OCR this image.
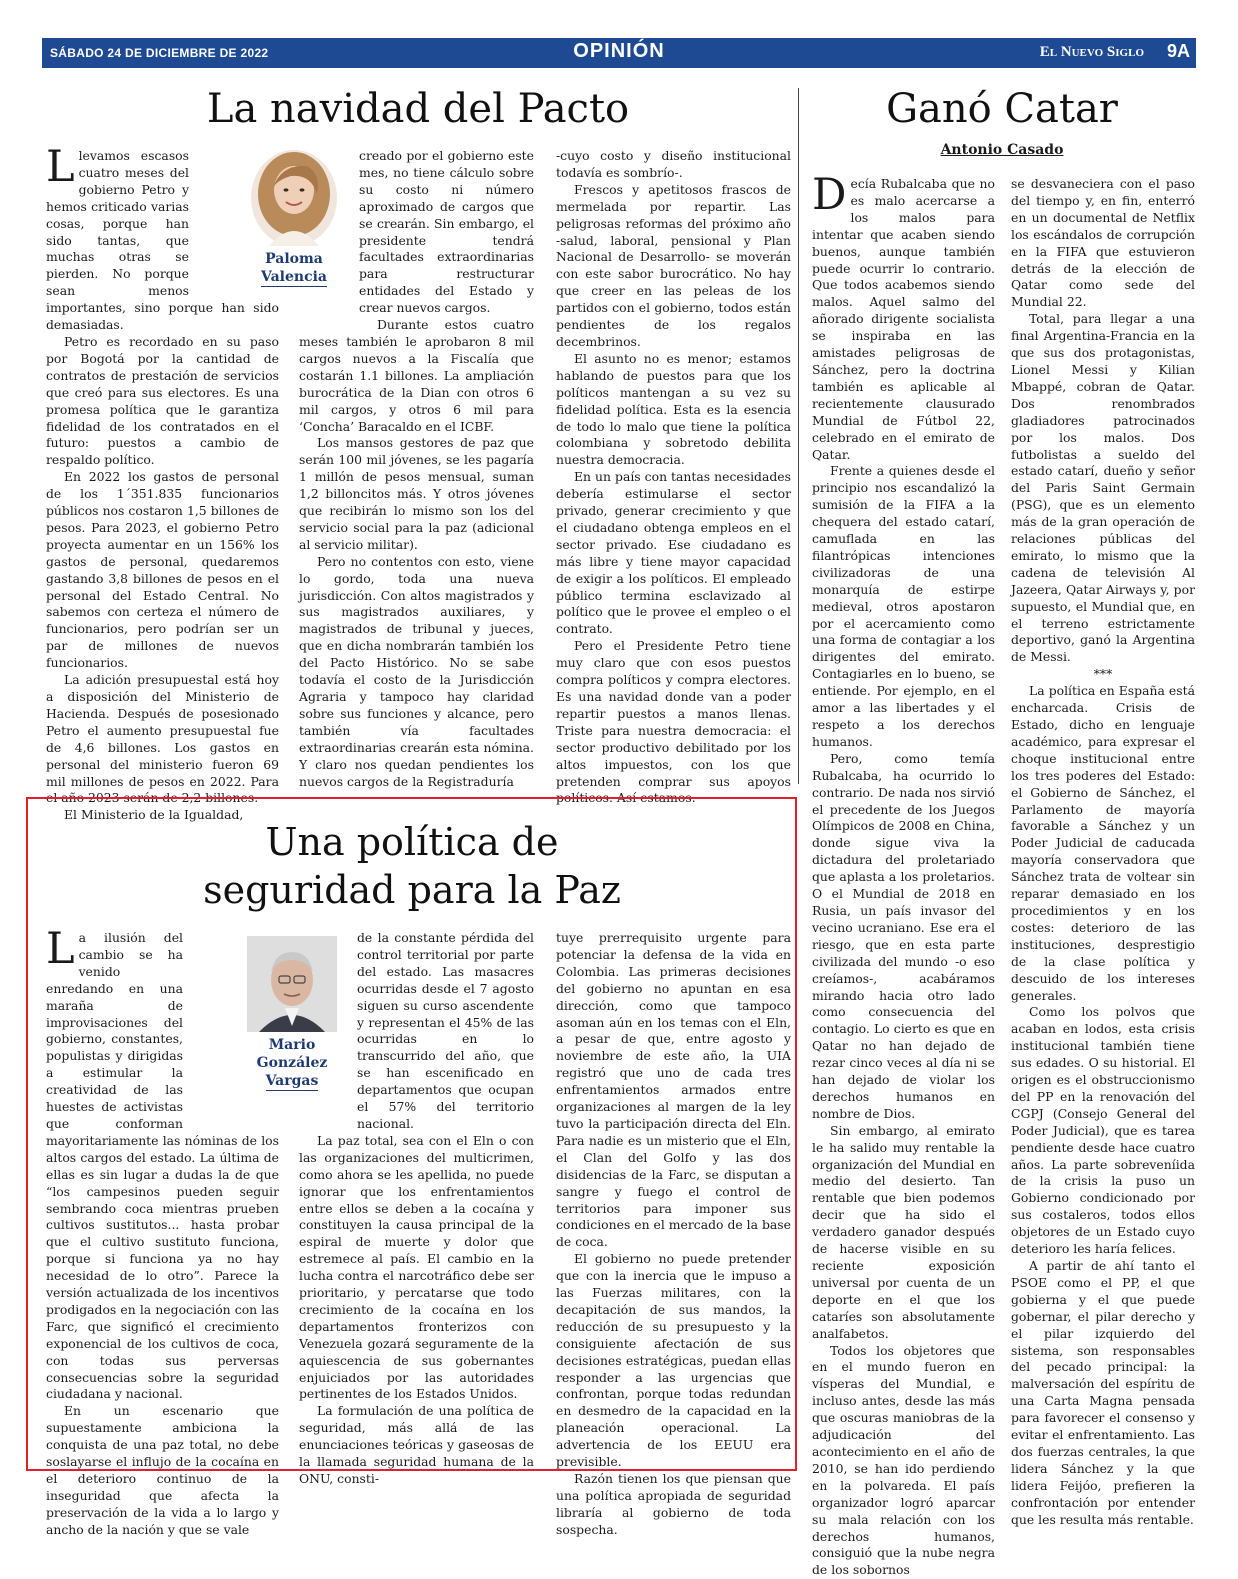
SÁBADO 24 DE DICIEMBRE DE 2022	OPINIÓN	El Nuevo Siglo 9A
La navidad del Pacto

Llevamos escasos cuatro meses del gobierno Petro y hemos criticado varias cosas, porque han sido tantas, que muchas otras se pierden. No porque sean menos importantes, sino porque han sido demasiadas.

Petro es recordado en su paso por Bogotá por la cantidad de contratos de prestación de servicios que creó para sus electores. Es una promesa política que le garantiza fidelidad de los contratados en el futuro: puestos a cambio de respaldo político.

En 2022 los gastos de personal de los 1´351.835 funcionarios públicos nos costaron 1,5 billones de pesos. Para 2023, el gobierno Petro proyecta aumentar en un 156% los gastos de personal, quedaremos gastando 3,8 billones de pesos en el personal del Estado Central. No sabemos con certeza el número de funcionarios, pero podrían ser un par de millones de nuevos funcionarios.

La adición presupuestal está hoy a disposición del Ministerio de Hacienda. Después de posesionado Petro el aumento presupuestal fue de 4,6 billones. Los gastos en personal del ministerio fueron 69 mil millones de pesos en 2022. Para el año 2023 serán de 2,2 billones.

El Ministerio de la Igualdad,

Paloma
Valencia

creado por el gobierno este mes, no tiene cálculo sobre su costo ni número aproximado de cargos que se crearán. Sin embargo, el presidente tendrá facultades extraordinarias para restructurar entidades del Estado y crear nuevos cargos.

Durante estos cuatro meses también le aprobaron 8 mil cargos nuevos a la Fiscalía que costarán 1.1 billones. La ampliación burocrática de la Dian con otros 6 mil cargos, y otros 6 mil para ‘Concha’ Baracaldo en el ICBF.

Los mansos gestores de paz que serán 100 mil jóvenes, se les pagaría 1 millón de pesos mensual, suman 1,2 billoncitos más. Y otros jóvenes que recibirán lo mismo son los del servicio social para la paz (adicional al servicio militar).

Pero no contentos con esto, viene lo gordo, toda una nueva jurisdicción. Con altos magistrados y sus magistrados auxiliares, y magistrados de tribunal y jueces, que en dicha nombrarán también los del Pacto Histórico. No se sabe todavía el costo de la Jurisdicción Agraria y tampoco hay claridad sobre sus funciones y alcance, pero también vía facultades extraordinarias crearán esta nómina. Y claro nos quedan pendientes los nuevos cargos de la Registraduría

-cuyo costo y diseño institucional todavía es sombrío-.

Frescos y apetitosos frascos de mermelada por repartir. Las peligrosas reformas del próximo año -salud, laboral, pensional y Plan Nacional de Desarrollo- se moverán con este sabor burocrático. No hay que creer en las peleas de los partidos con el gobierno, todos están pendientes de los regalos decembrinos.

El asunto no es menor; estamos hablando de puestos para que los políticos mantengan a su vez su fidelidad política. Esta es la esencia de todo lo malo que tiene la política colombiana y sobretodo debilita nuestra democracia.

En un país con tantas necesidades debería estimularse el sector privado, generar crecimiento y que el ciudadano obtenga empleos en el sector privado. Ese ciudadano es más libre y tiene mayor capacidad de exigir a los políticos. El empleado público termina esclavizado al político que le provee el empleo o el contrato.

Pero el Presidente Petro tiene muy claro que con esos puestos compra políticos y compra electores. Es una navidad donde van a poder repartir puestos a manos llenas. Triste para nuestra democracia: el sector productivo debilitado por los altos impuestos, con los que pretenden comprar sus apoyos políticos. Así estamos.

Una política de
seguridad para la Paz

La ilusión del cambio se ha venido enredando en una maraña de improvisaciones del gobierno, constantes, populistas y dirigidas a estimular la creatividad de las huestes de activistas que conforman mayoritariamente las nóminas de los altos cargos del estado. La última de ellas es sin lugar a dudas la de que “los campesinos pueden seguir sembrando coca mientras prueben cultivos sustitutos... hasta probar que el cultivo sustituto funciona, porque si funciona ya no hay necesidad de lo otro”. Parece la versión actualizada de los incentivos prodigados en la negociación con las Farc, que significó el crecimiento exponencial de los cultivos de coca, con todas sus perversas consecuencias sobre la seguridad ciudadana y nacional.

En un escenario que supuestamente ambiciona la conquista de una paz total, no debe soslayarse el influjo de la cocaína en el deterioro continuo de la inseguridad que afecta la preservación de la vida a lo largo y ancho de la nación y que se vale

Mario
González
Vargas

de la constante pérdida del control territorial por parte del estado. Las masacres ocurridas desde el 7 agosto siguen su curso ascendente y representan el 45% de las ocurridas en lo transcurrido del año, que se han escenificado en departamentos que ocupan el 57% del territorio nacional.

La paz total, sea con el Eln o con las organizaciones del multicrimen, como ahora se les apellida, no puede ignorar que los enfrentamientos entre ellos se deben a la cocaína y constituyen la causa principal de la espiral de muerte y dolor que estremece al país. El cambio en la lucha contra el narcotráfico debe ser prioritario, y percatarse que todo crecimiento de la cocaína en los departamentos fronterizos con Venezuela gozará seguramente de la aquiescencia de sus gobernantes enjuiciados por las autoridades pertinentes de los Estados Unidos.

La formulación de una política de seguridad, más allá de las enunciaciones teóricas y gaseosas de la llamada seguridad humana de la ONU, consti-

tuye prerrequisito urgente para potenciar la defensa de la vida en Colombia. Las primeras decisiones del gobierno no apuntan en esa dirección, como que tampoco asoman aún en los temas con el Eln, a pesar de que, entre agosto y noviembre de este año, la UIA registró que uno de cada tres enfrentamientos armados entre organizaciones al margen de la ley tuvo la participación directa del Eln. Para nadie es un misterio que el Eln, el Clan del Golfo y las dos disidencias de la Farc, se disputan a sangre y fuego el control de territorios para imponer sus condiciones en el mercado de la base de coca.

El gobierno no puede pretender que con la inercia que le impuso a las Fuerzas militares, con la decapitación de sus mandos, la reducción de su presupuesto y la consiguiente afectación de sus decisiones estratégicas, puedan ellas responder a las urgencias que confrontan, porque todas redundan en desmedro de la capacidad en la planeación operacional. La advertencia de los EEUU era previsible.

Razón tienen los que piensan que una política apropiada de seguridad libraría al gobierno de toda sospecha.

Ganó Catar
Antonio Casado

Decía Rubalcaba que no es malo acercarse a los malos para intentar que acaben siendo buenos, aunque también puede ocurrir lo contrario. Que todos acabemos siendo malos. Aquel salmo del añorado dirigente socialista se inspiraba en las amistades peligrosas de Sánchez, pero la doctrina también es aplicable al recientemente clausurado Mundial de Fútbol 22, celebrado en el emirato de Qatar.

Frente a quienes desde el principio nos escandalizó la sumisión de la FIFA a la chequera del estado catarí, camuflada en las filantrópicas intenciones civilizadoras de una monarquía de estirpe medieval, otros apostaron por el acercamiento como una forma de contagiar a los dirigentes del emirato. Contagiarles en lo bueno, se entiende. Por ejemplo, en el amor a las libertades y el respeto a los derechos humanos.

Pero, como temía Rubalcaba, ha ocurrido lo contrario. De nada nos sirvió el precedente de los Juegos Olímpicos de 2008 en China, donde sigue viva la dictadura del proletariado que aplasta a los proletarios. O el Mundial de 2018 en Rusia, un país invasor del vecino ucraniano. Ese era el riesgo, que en esta parte civilizada del mundo -o eso creíamos-, acabáramos mirando hacia otro lado como consecuencia del contagio. Lo cierto es que en Qatar no han dejado de rezar cinco veces al día ni se han dejado de violar los derechos humanos en nombre de Dios.

Sin embargo, al emirato le ha salido muy rentable la organización del Mundial en medio del desierto. Tan rentable que bien podemos decir que ha sido el verdadero ganador después de hacerse visible en su reciente exposición universal por cuenta de un deporte en el que los cataríes son absolutamente analfabetos.

Todos los objetores que en el mundo fueron en vísperas del Mundial, e incluso antes, desde las más que oscuras maniobras de la adjudicación del acontecimiento en el año de 2010, se han ido perdiendo en la polvareda. El país organizador logró aparcar su mala relación con los derechos humanos, consiguió que la nube negra de los sobornos

se desvaneciera con el paso del tiempo y, en fin, enterró en un documental de Netflix los escándalos de corrupción en la FIFA que estuvieron detrás de la elección de Qatar como sede del Mundial 22.

Total, para llegar a una final Argentina-Francia en la que sus dos protagonistas, Lionel Messi y Kilian Mbappé, cobran de Qatar. Dos renombrados gladiadores patrocinados por los malos. Dos futbolistas a sueldo del estado catarí, dueño y señor del Paris Saint Germain (PSG), que es un elemento más de la gran operación de relaciones públicas del emirato, lo mismo que la cadena de televisión Al Jazeera, Qatar Airways y, por supuesto, el Mundial que, en el terreno estrictamente deportivo, ganó la Argentina de Messi.

***

La política en España está encharcada. Crisis de Estado, dicho en lenguaje académico, para expresar el choque institucional entre los tres poderes del Estado: el Gobierno de Sánchez, el Parlamento de mayoría favorable a Sánchez y un Poder Judicial de caducada mayoría conservadora que Sánchez trata de voltear sin reparar demasiado en los procedimientos y en los costes: deterioro de las instituciones, desprestigio de la clase política y descuido de los intereses generales.

Como los polvos que acaban en lodos, esta crisis institucional también tiene sus edades. O su historial. El origen es el obstruccionismo del PP en la renovación del CGPJ (Consejo General del Poder Judicial), que es tarea pendiente desde hace cuatro años. La parte sobreveníida de la crisis la puso un Gobierno condicionado por sus costaleros, todos ellos objetores de un Estado cuyo deterioro les haría felices.

A partir de ahí tanto el PSOE como el PP, el que gobierna y el que puede gobernar, el pilar derecho y el pilar izquierdo del sistema, son responsables del pecado principal: la malversación del espíritu de una Carta Magna pensada para favorecer el consenso y evitar el enfrentamiento. Las dos fuerzas centrales, la que lidera Sánchez y la que lidera Feijóo, prefieren la confrontación por entender que les resulta más rentable.
